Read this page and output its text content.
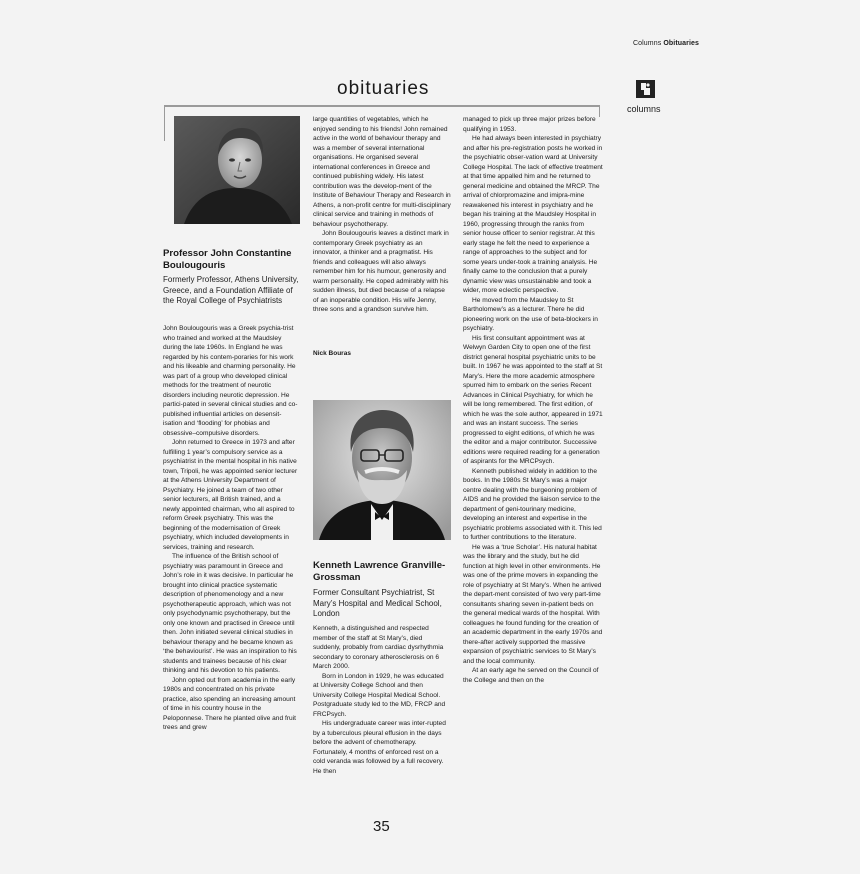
Columns Obituaries
obituaries
columns
Professor John Constantine Boulougouris
Formerly Professor, Athens University, Greece, and a Foundation Affiliate of the Royal College of Psychiatrists

John Boulougouris was a Greek psychia-trist who trained and worked at the Maudsley during the late 1960s. In England he was regarded by his contem-poraries for his work and his likeable and charming personality. He was part of a group who developed clinical methods for the treatment of neurotic disorders including neurotic depression. He partici-pated in several clinical studies and co-published influential articles on desensit-isation and ‘flooding’ for phobias and obsessive–compulsive disorders.

John returned to Greece in 1973 and after fulfilling 1 year’s compulsory service as a psychiatrist in the mental hospital in his native town, Tripoli, he was appointed senior lecturer at the Athens University Department of Psychiatry. He joined a team of two other senior lecturers, all British trained, and a newly appointed chairman, who all aspired to reform Greek psychiatry. This was the beginning of the modernisation of Greek psychiatry, which included developments in services, training and research.

The influence of the British school of psychiatry was paramount in Greece and John’s role in it was decisive. In particular he brought into clinical practice systematic description of phenomenology and a new psychotherapeutic approach, which was not only psychodynamic psychotherapy, but the only one known and practised in Greece until then. John initiated several clinical studies in behaviour therapy and he became known as ‘the behaviourist’. He was an inspiration to his students and trainees because of his clear thinking and his devotion to his patients.

John opted out from academia in the early 1980s and concentrated on his private practice, also spending an increasing amount of time in his country house in the Peloponnese. There he planted olive and fruit trees and grew

large quantities of vegetables, which he enjoyed sending to his friends! John remained active in the world of behaviour therapy and was a member of several international organisations. He organised several international conferences in Greece and continued publishing widely. His latest contribution was the develop-ment of the Institute of Behaviour Therapy and Research in Athens, a non-profit centre for multi-disciplinary clinical service and training in methods of behaviour psychotherapy.

John Boulougouris leaves a distinct mark in contemporary Greek psychiatry as an innovator, a thinker and a pragmatist. His friends and colleagues will also always remember him for his humour, generosity and warm personality. He coped admirably with his sudden illness, but died because of a relapse of an inoperable condition. His wife Jenny, three sons and a grandson survive him.

Nick Bouras
Kenneth Lawrence Granville-Grossman
Former Consultant Psychiatrist, St Mary’s Hospital and Medical School, London

Kenneth, a distinguished and respected member of the staff at St Mary’s, died suddenly, probably from cardiac dysrhythmia secondary to coronary atherosclerosis on 6 March 2000.

Born in London in 1929, he was educated at University College School and then University College Hospital Medical School. Postgraduate study led to the MD, FRCP and FRCPsych.

His undergraduate career was inter-rupted by a tuberculous pleural effusion in the days before the advent of chemotherapy. Fortunately, 4 months of enforced rest on a cold veranda was followed by a full recovery. He then

managed to pick up three major prizes before qualifying in 1953.

He had always been interested in psychiatry and after his pre-registration posts he worked in the psychiatric obser-vation ward at University College Hospital. The lack of effective treatment at that time appalled him and he returned to general medicine and obtained the MRCP. The arrival of chlorpromazine and imipra-mine reawakened his interest in psychiatry and he began his training at the Maudsley Hospital in 1960, progressing through the ranks from senior house officer to senior registrar. At this early stage he felt the need to experience a range of approaches to the subject and for some years under-took a training analysis. He finally came to the conclusion that a purely dynamic view was unsustainable and took a wider, more eclectic perspective.

He moved from the Maudsley to St Bartholomew’s as a lecturer. There he did pioneering work on the use of beta-blockers in psychiatry.

His first consultant appointment was at Welwyn Garden City to open one of the first district general hospital psychiatric units to be built. In 1967 he was appointed to the staff at St Mary’s. Here the more academic atmosphere spurred him to embark on the series Recent Advances in Clinical Psychiatry, for which he will be long remembered. The first edition, of which he was the sole author, appeared in 1971 and was an instant success. The series progressed to eight editions, of which he was the editor and a major contributor. Successive editions were required reading for a generation of aspirants for the MRCPsych.

Kenneth published widely in addition to the books. In the 1980s St Mary’s was a major centre dealing with the burgeoning problem of AIDS and he provided the liaison service to the department of geni-tourinary medicine, developing an interest and expertise in the psychiatric problems associated with it. This led to further contributions to the literature.

He was a ‘true Scholar’. His natural habitat was the library and the study, but he did function at high level in other environments. He was one of the prime movers in expanding the role of psychiatry at St Mary’s. When he arrived the depart-ment consisted of two very part-time consultants sharing seven in-patient beds on the general medical wards of the hospital. With colleagues he found funding for the creation of an academic department in the early 1970s and there-after actively supported the massive expansion of psychiatric services to St Mary’s and the local community.

At an early age he served on the Council of the College and then on the

35
